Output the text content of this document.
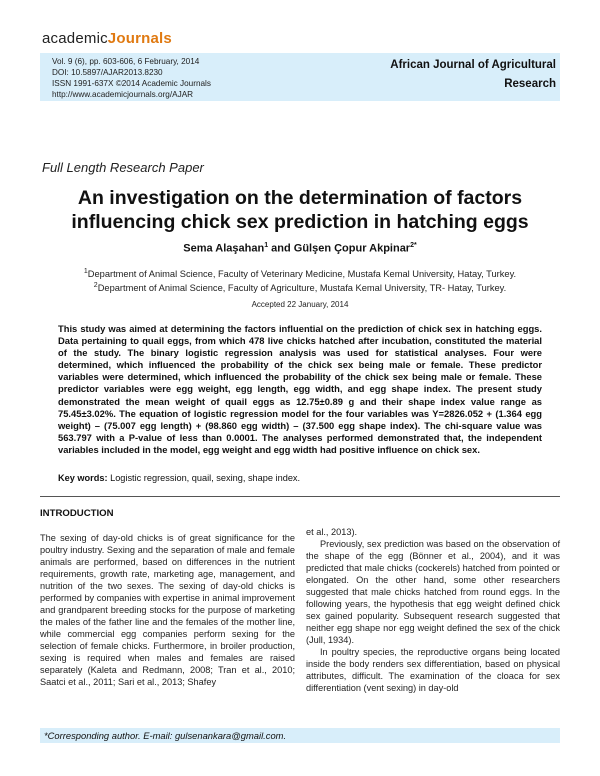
academicJournals
Vol. 9 (6), pp. 603-606, 6 February, 2014
DOI: 10.5897/AJAR2013.8230
ISSN 1991-637X ©2014 Academic Journals
http://www.academicjournals.org/AJAR
African Journal of Agricultural
Research
Full Length Research Paper
An investigation on the determination of factors
influencing chick sex prediction in hatching eggs
Sema Alaşahan$^1$ and Gülşen Çopur Akpinar$^{2*}$
$^1$Department of Animal Science, Faculty of Veterinary Medicine, Mustafa Kemal University, Hatay, Turkey.
$^2$Department of Animal Science, Faculty of Agriculture, Mustafa Kemal University, TR- Hatay, Turkey.
Accepted 22 January, 2014
This study was aimed at determining the factors influential on the prediction of chick sex in hatching eggs. Data pertaining to quail eggs, from which 478 live chicks hatched after incubation, constituted the material of the study. The binary logistic regression analysis was used for statistical analyses. Four were determined, which influenced the probability of the chick sex being male or female. These predictor variables were determined, which influenced the probability of the chick sex being male or female. These predictor variables were egg weight, egg length, egg width, and egg shape index. The present study demonstrated the mean weight of quail eggs as 12.75±0.89 g and their shape index value range as 75.45±3.02%. The equation of logistic regression model for the four variables was Y=2826.052 + (1.364 egg weight) – (75.007 egg length) + (98.860 egg width) – (37.500 egg shape index). The chi-square value was 563.797 with a P-value of less than 0.0001. The analyses performed demonstrated that, the independent variables included in the model, egg weight and egg width had positive influence on chick sex.
Key words: Logistic regression, quail, sexing, shape index.
INTRODUCTION

The sexing of day-old chicks is of great significance for the poultry industry. Sexing and the separation of male and female animals are performed, based on differences in the nutrient requirements, growth rate, marketing age, management, and nutrition of the two sexes. The sexing of day-old chicks is performed by companies with expertise in animal improvement and grandparent breeding stocks for the purpose of marketing the males of the father line and the females of the mother line, while commercial egg companies perform sexing for the selection of female chicks. Furthermore, in broiler production, sexing is required when males and females are raised separately (Kaleta and Redmann, 2008; Tran et al., 2010; Saatci et al., 2011; Sari et al., 2013; Shafey

et al., 2013).

Previously, sex prediction was based on the observation of the shape of the egg (Bönner et al., 2004), and it was predicted that male chicks (cockerels) hatched from pointed or elongated. On the other hand, some other researchers suggested that male chicks hatched from round eggs. In the following years, the hypothesis that egg weight defined chick sex gained popularity. Subsequent research suggested that neither egg shape nor egg weight defined the sex of the chick (Jull, 1934).

In poultry species, the reproductive organs being located inside the body renders sex differentiation, based on physical attributes, difficult. The examination of the cloaca for sex differentiation (vent sexing) in day-old

*Corresponding author. E-mail: gulsenankara@gmail.com.
